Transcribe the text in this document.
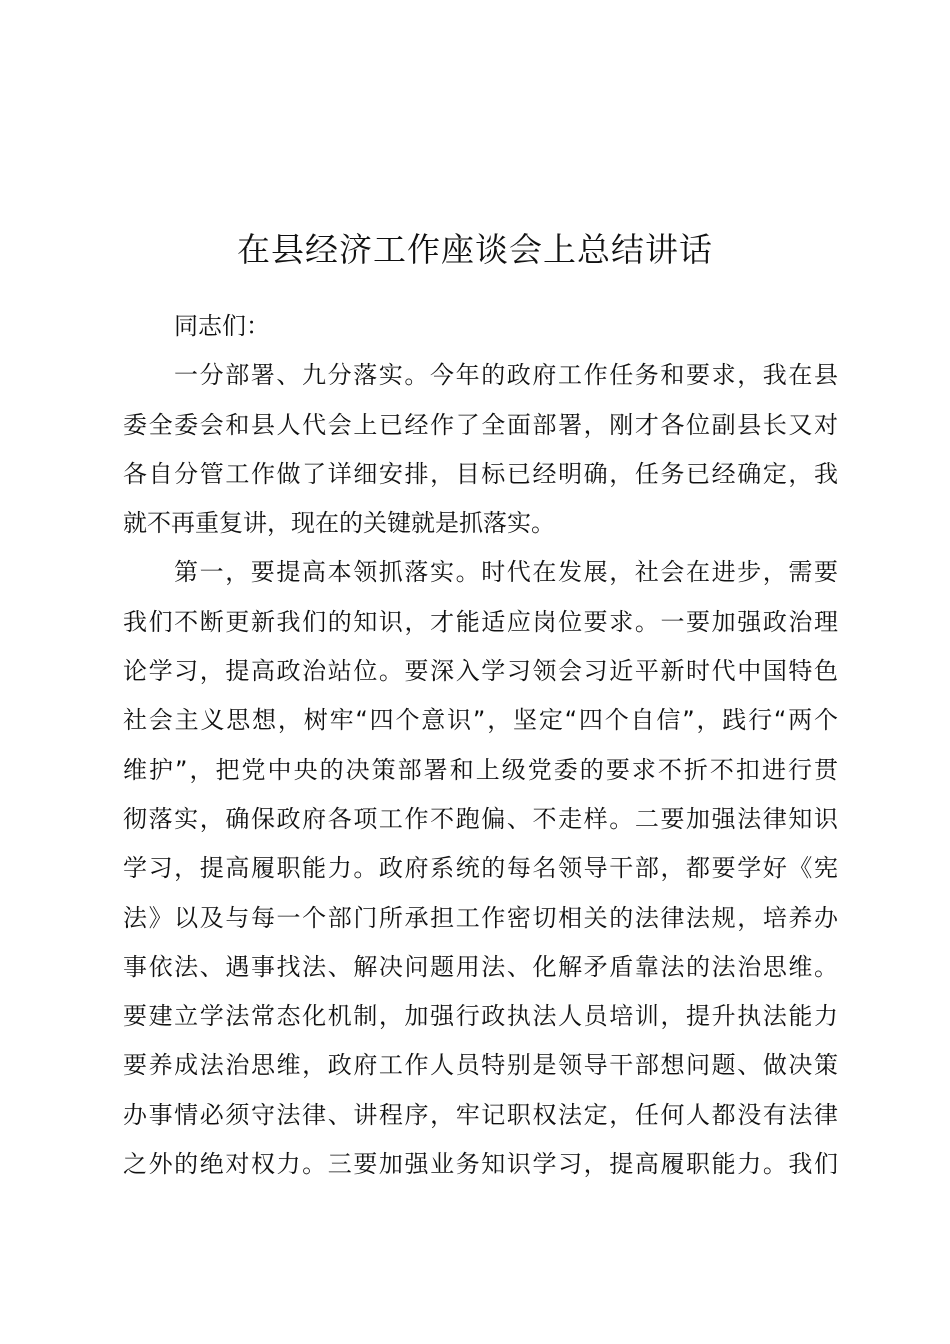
在县经济工作座谈会上总结讲话
同志们：
一分部署、九分落实。今年的政府工作任务和要求，我在县
委全委会和县人代会上已经作了全面部署，刚才各位副县长又对
各自分管工作做了详细安排，目标已经明确，任务已经确定，我
就不再重复讲，现在的关键就是抓落实。
第一，要提高本领抓落实。时代在发展，社会在进步，需要
我们不断更新我们的知识，才能适应岗位要求。一要加强政治理
论学习，提高政治站位。要深入学习领会习近平新时代中国特色
社会主义思想，树牢“四个意识”，坚定“四个自信”，践行“两个
维护”，把党中央的决策部署和上级党委的要求不折不扣进行贯
彻落实，确保政府各项工作不跑偏、不走样。二要加强法律知识
学习，提高履职能力。政府系统的每名领导干部，都要学好《宪
法》以及与每一个部门所承担工作密切相关的法律法规，培养办
事依法、遇事找法、解决问题用法、化解矛盾靠法的法治思维。
要建立学法常态化机制，加强行政执法人员培训，提升执法能力
要养成法治思维，政府工作人员特别是领导干部想问题、做决策
办事情必须守法律、讲程序，牢记职权法定，任何人都没有法律
之外的绝对权力。三要加强业务知识学习，提高履职能力。我们
